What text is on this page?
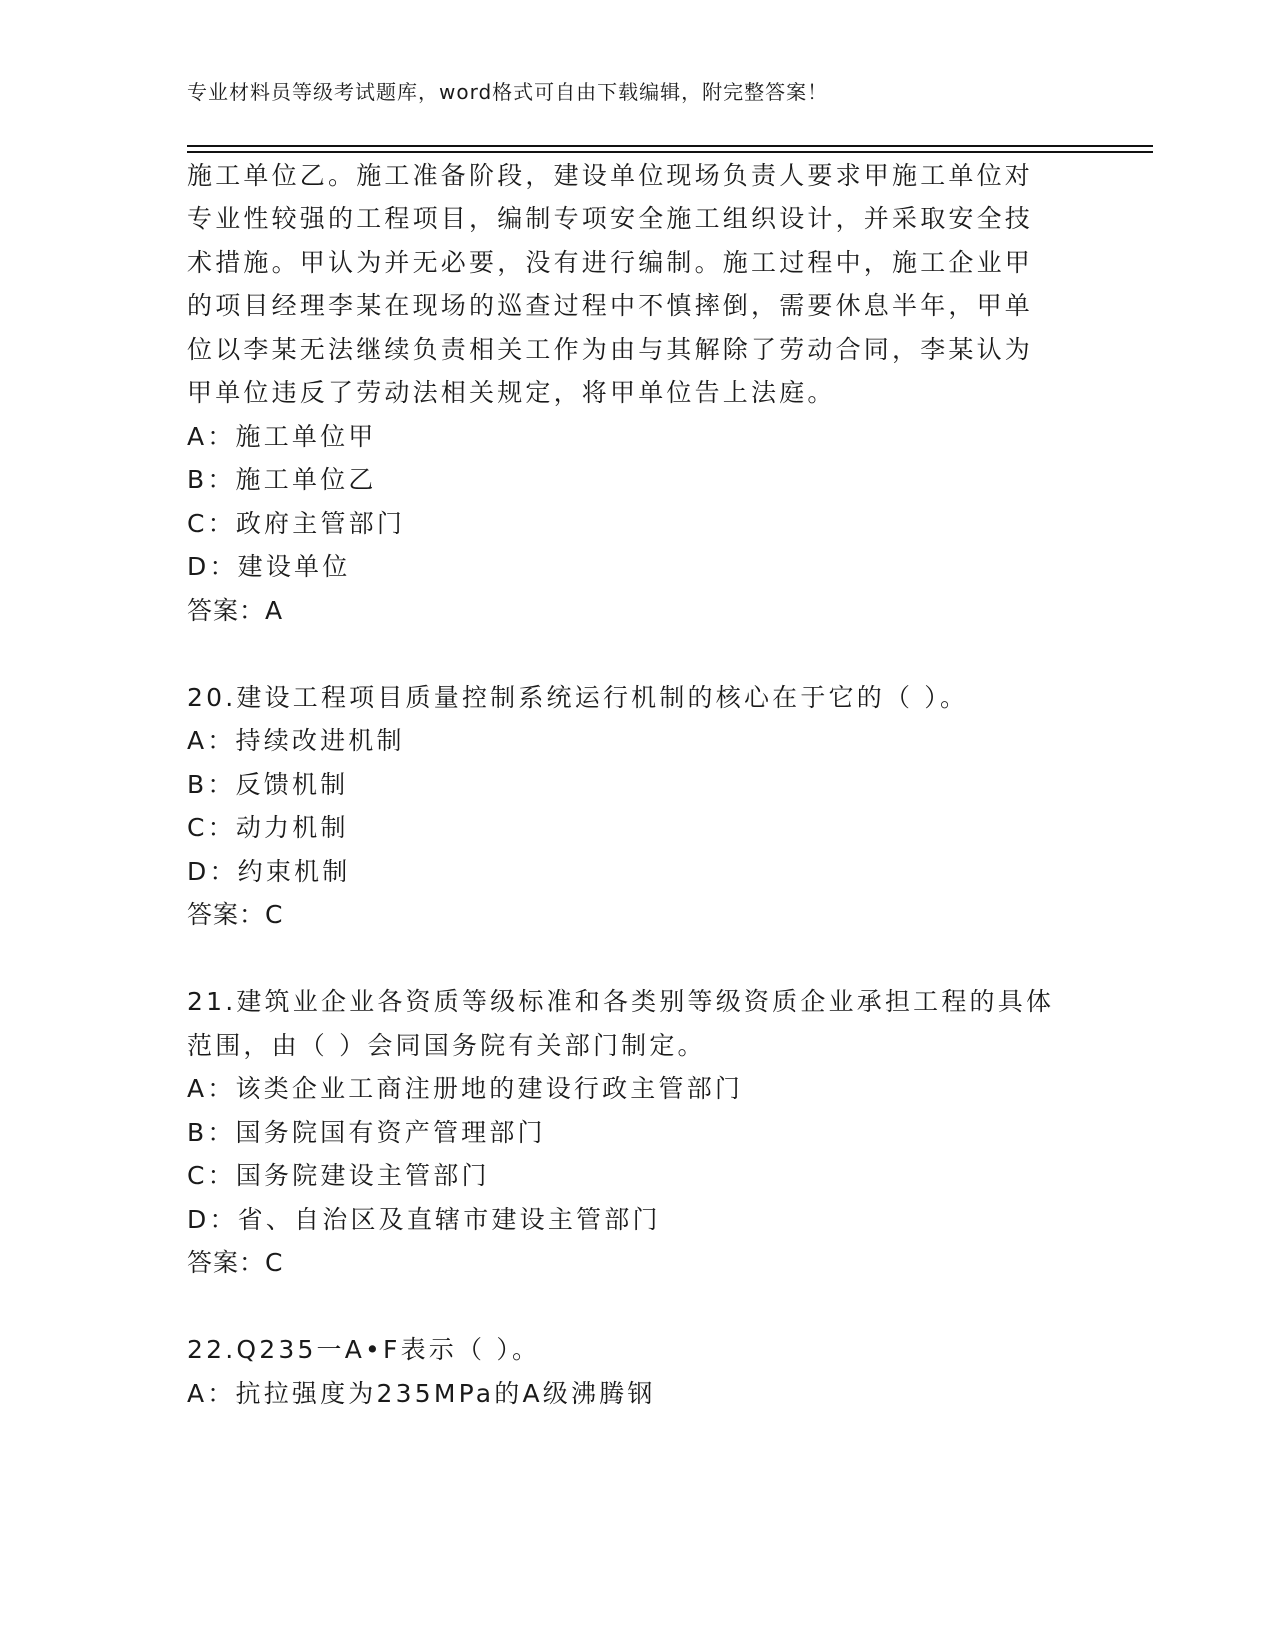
专业材料员等级考试题库，word格式可自由下载编辑，附完整答案！
施工单位乙。施工准备阶段，建设单位现场负责人要求甲施工单位对
专业性较强的工程项目，编制专项安全施工组织设计，并采取安全技
术措施。甲认为并无必要，没有进行编制。施工过程中，施工企业甲
的项目经理李某在现场的巡查过程中不慎摔倒，需要休息半年，甲单
位以李某无法继续负责相关工作为由与其解除了劳动合同，李某认为
甲单位违反了劳动法相关规定，将甲单位告上法庭。
A：施工单位甲
B：施工单位乙
C：政府主管部门
D：建设单位
答案：A
20.建设工程项目质量控制系统运行机制的核心在于它的（ ）。
A：持续改进机制
B：反馈机制
C：动力机制
D：约束机制
答案：C
21.建筑业企业各资质等级标准和各类别等级资质企业承担工程的具体
范围，由（ ）会同国务院有关部门制定。
A：该类企业工商注册地的建设行政主管部门
B：国务院国有资产管理部门
C：国务院建设主管部门
D：省、自治区及直辖市建设主管部门
答案：C
22.Q235一A•F表示（ ）。
A：抗拉强度为235MPa的A级沸腾钢
